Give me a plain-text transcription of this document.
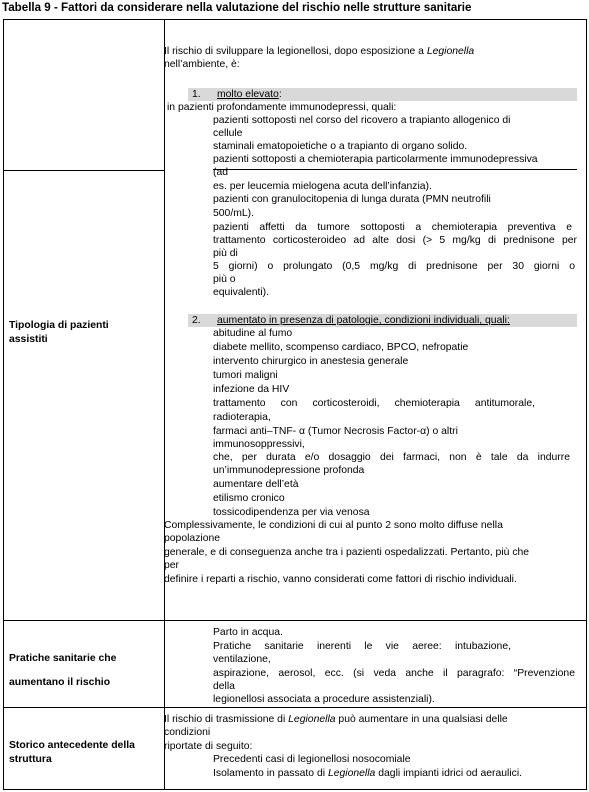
Tabella 9 - Fattori da considerare nella valutazione del rischio nelle strutture sanitarie
Tipologia di pazienti
assistiti
Il rischio di sviluppare la legionellosi, dopo esposizione a Legionella
nell’ambiente, è:
1. molto elevato:
in pazienti profondamente immunodepressi, quali:
pazienti sottoposti nel corso del ricovero a trapianto allogenico di
cellule
staminali ematopoietiche o a trapianto di organo solido.
pazienti sottoposti a chemioterapia particolarmente immunodepressiva
(ad
es. per leucemia mielogena acuta dell’infanzia).
pazienti con granulocitopenia di lunga durata (PMN neutrofili
500/mL).
pazienti affetti da tumore sottoposti a chemioterapia preventiva e
trattamento corticosteroideo ad alte dosi (> 5 mg/kg di prednisone per
più di
5 giorni) o prolungato (0,5 mg/kg di prednisone per 30 giorni o
più o
equivalenti).
2. aumentato in presenza di patologie, condizioni individuali, quali:
abitudine al fumo
diabete mellito, scompenso cardiaco, BPCO, nefropatie
intervento chirurgico in anestesia generale
tumori maligni
infezione da HIV
trattamento con corticosteroidi, chemioterapia antitumorale,
radioterapia,
farmaci anti–TNF- α (Tumor Necrosis Factor-α) o altri
immunosoppressivi,
che, per durata e/o dosaggio dei farmaci, non è tale da indurre
un’immunodepressione profonda
aumentare dell’età
etilismo cronico
tossicodipendenza per via venosa
Complessivamente, le condizioni di cui al punto 2 sono molto diffuse nella
popolazione
generale, e di conseguenza anche tra i pazienti ospedalizzati. Pertanto, più che
per
definire i reparti a rischio, vanno considerati come fattori di rischio individuali.
Pratiche sanitarie che
aumentano il rischio
Parto in acqua.
Pratiche sanitarie inerenti le vie aeree: intubazione,
ventilazione,
aspirazione, aerosol, ecc. (si veda anche il paragrafo: “Prevenzione
della
legionellosi associata a procedure assistenziali).
Storico antecedente della
struttura
Il rischio di trasmissione di Legionella può aumentare in una qualsiasi delle
condizioni
riportate di seguito:
Precedenti casi di legionellosi nosocomiale
Isolamento in passato di Legionella dagli impianti idrici od aeraulici.
